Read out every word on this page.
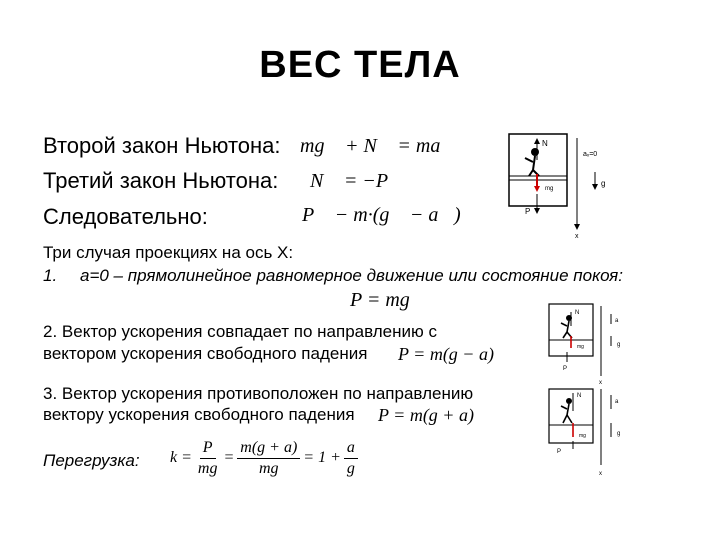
ВЕС ТЕЛА
Второй закон Ньютона: mg⃗ + N⃗ = ma⃗
Третий закон Ньютона: N⃗ = −P⃗
Следовательно:	P⃗ − m·(g⃗ − a⃗)
Три случая проекциях на ось X:
1. a=0 – прямолинейное равномерное движение или состояние покоя:
P = mg
2. Вектор ускорения совпадает по направлению с
вектором ускорения свободного падения P = m(g − a)
3. Вектор ускорения противоположен по направлению
вектору ускорения свободного падения P = m(g + a)
Перегрузка: $k = \frac{P}{mg} = \frac{m(g + a)}{mg} = 1 + \frac{a}{g}$
N
mg
P
x
aₓ=0
g
N
mg
P
x
a
g
N
mg
P
x
a
g
